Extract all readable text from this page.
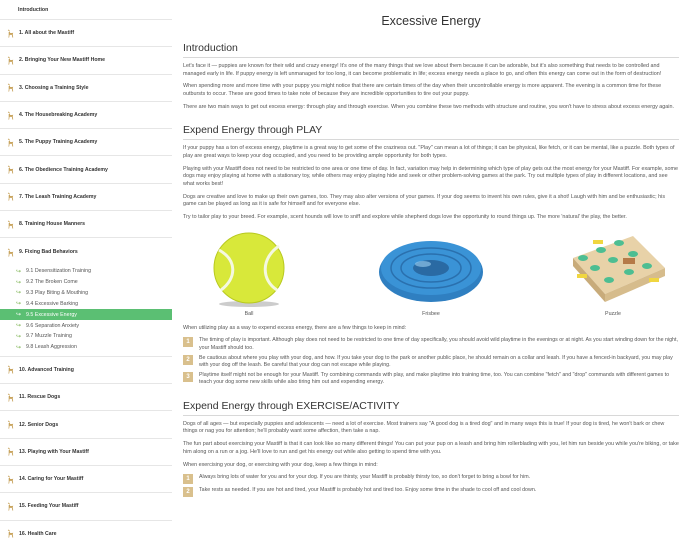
Introduction
1. All about the Mastiff
2. Bringing Your New Mastiff Home
3. Choosing a Training Style
4. The Housebreaking Academy
5. The Puppy Training Academy
6. The Obedience Training Academy
7. The Leash Training Academy
8. Training House Manners
9. Fixing Bad Behaviors
↪ 9.1 Desensitization Training
↪ 9.2 The Broken Come
↪ 9.3 Play Biting & Mouthing
↪ 9.4 Excessive Barking
↪ 9.5 Excessive Energy
↪ 9.6 Separation Anxiety
↪ 9.7 Muzzle Training
↪ 9.8 Leash Aggression
10. Advanced Training
11. Rescue Dogs
12. Senior Dogs
13. Playing with Your Mastiff
14. Caring for Your Mastiff
15. Feeding Your Mastiff
16. Health Care
Excessive Energy
Introduction

Let's face it — puppies are known for their wild and crazy energy! It's one of the many things that we love about them because it can be adorable, but it's also something that needs to be controlled and managed early in life. If puppy energy is left unmanaged for too long, it can become problematic in life; excess energy needs a place to go, and often this energy can come out in the form of destruction!

When spending more and more time with your puppy you might notice that there are certain times of the day when their uncontrollable energy is more apparent. The evening is a common time for these outbursts to occur. These are good times to take note of because they are incredible opportunities to tire out your puppy.

There are two main ways to get out excess energy: through play and through exercise. When you combine these two methods with structure and routine, you won't have to stress about excess energy again.

Expend Energy through PLAY

If your puppy has a ton of excess energy, playtime is a great way to get some of the craziness out. "Play" can mean a lot of things; it can be physical, like fetch, or it can be mental, like a puzzle. Both types of play are great ways to keep your dog occupied, and you need to be providing ample opportunity for both types.

Playing with your Mastiff does not need to be restricted to one area or one time of day. In fact, variation may help in determining which type of play gets out the most energy for your Mastiff. For example, some dogs may enjoy playing at home with a stationary toy, while others may enjoy playing hide and seek or other problem-solving games at the park. Try out multiple types of play in different locations, and see what works best!

Dogs are creative and love to make up their own games, too. They may also alter versions of your games. If your dog seems to invent his own rules, give it a shot! Laugh with him and be enthusiastic; his game can be played as long as it is safe for himself and for everyone else.

Try to tailor play to your breed. For example, scent hounds will love to sniff and explore while shepherd dogs love the opportunity to round things up. The more 'natural' the play, the better.

Ball	Frisbee	Puzzle

When utilizing play as a way to expend excess energy, there are a few things to keep in mind:

1	The timing of play is important. Although play does not need to be restricted to one time of day specifically, you should avoid wild playtime in the evenings or at night. As you start winding down for the night, your Mastiff should too.
2	Be cautious about where you play with your dog, and how. If you take your dog to the park or another public place, he should remain on a collar and leash. If you have a fenced-in backyard, you may play with your dog off the leash. Be careful that your dog can not escape while playing.
3	Playtime itself might not be enough for your Mastiff. Try combining commands with play, and make playtime into training time, too. You can combine "fetch" and "drop" commands with different games to teach your dog some new skills while also tiring him out and expending energy.
Expend Energy through EXERCISE/ACTIVITY

Dogs of all ages — but especially puppies and adolescents — need a lot of exercise. Most trainers say "A good dog is a tired dog" and in many ways this is true! If your dog is tired, he won't bark or chew things or nag you for attention; he'll probably want some affection, then take a nap.

The fun part about exercising your Mastiff is that it can look like so many different things! You can put your pup on a leash and bring him rollerblading with you, let him run beside you while you're biking, or take him along on a run or a jog. He'll love to run and get his energy out while also getting to spend time with you.

When exercising your dog, or exercising with your dog, keep a few things in mind:

1	Always bring lots of water for you and for your dog. If you are thirsty, your Mastiff is probably thirsty too, so don't forget to bring a bowl for him.
2	Take rests as needed. If you are hot and tired, your Mastiff is probably hot and tired too. Enjoy some time in the shade to cool off and cool down.
